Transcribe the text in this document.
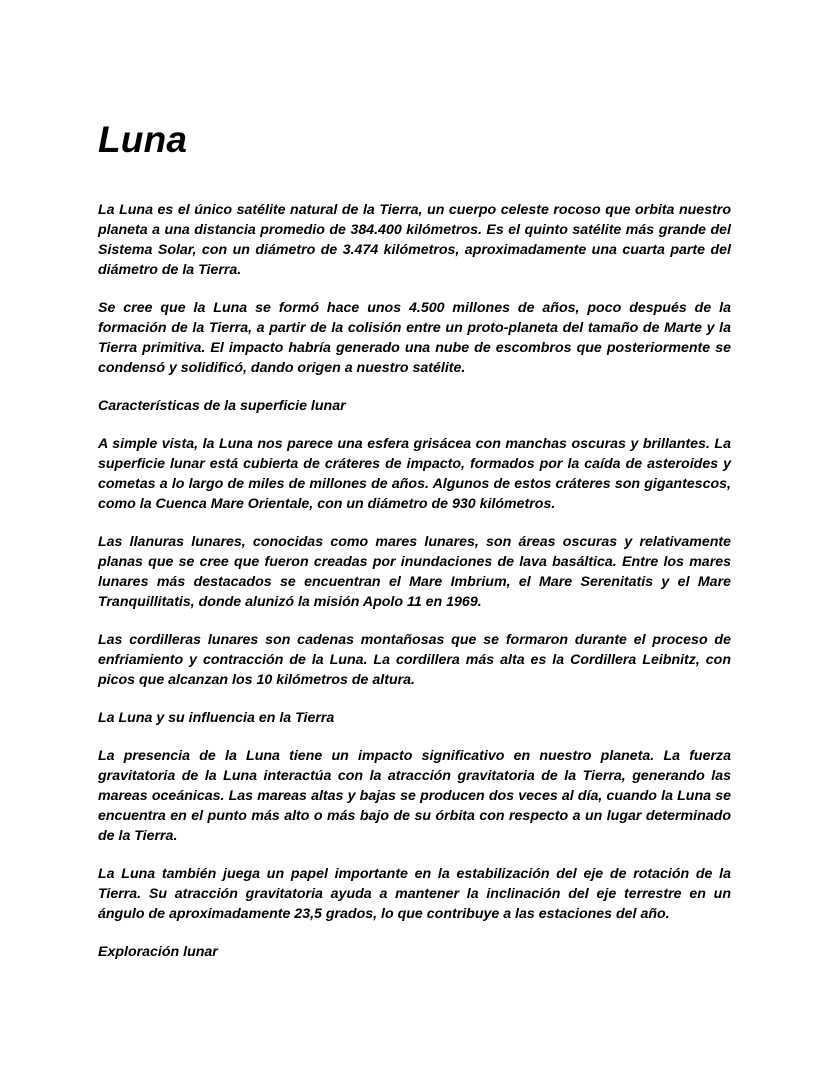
Luna

La Luna es el único satélite natural de la Tierra, un cuerpo celeste rocoso que orbita nuestro planeta a una distancia promedio de 384.400 kilómetros. Es el quinto satélite más grande del Sistema Solar, con un diámetro de 3.474 kilómetros, aproximadamente una cuarta parte del diámetro de la Tierra.

Se cree que la Luna se formó hace unos 4.500 millones de años, poco después de la formación de la Tierra, a partir de la colisión entre un proto-planeta del tamaño de Marte y la Tierra primitiva. El impacto habría generado una nube de escombros que posteriormente se condensó y solidificó, dando origen a nuestro satélite.

Características de la superficie lunar

A simple vista, la Luna nos parece una esfera grisácea con manchas oscuras y brillantes. La superficie lunar está cubierta de cráteres de impacto, formados por la caída de asteroides y cometas a lo largo de miles de millones de años. Algunos de estos cráteres son gigantescos, como la Cuenca Mare Orientale, con un diámetro de 930 kilómetros.

Las llanuras lunares, conocidas como mares lunares, son áreas oscuras y relativamente planas que se cree que fueron creadas por inundaciones de lava basáltica. Entre los mares lunares más destacados se encuentran el Mare Imbrium, el Mare Serenitatis y el Mare Tranquillitatis, donde alunizó la misión Apolo 11 en 1969.

Las cordilleras lunares son cadenas montañosas que se formaron durante el proceso de enfriamiento y contracción de la Luna. La cordillera más alta es la Cordillera Leibnitz, con picos que alcanzan los 10 kilómetros de altura.

La Luna y su influencia en la Tierra

La presencia de la Luna tiene un impacto significativo en nuestro planeta. La fuerza gravitatoria de la Luna interactúa con la atracción gravitatoria de la Tierra, generando las mareas oceánicas. Las mareas altas y bajas se producen dos veces al día, cuando la Luna se encuentra en el punto más alto o más bajo de su órbita con respecto a un lugar determinado de la Tierra.

La Luna también juega un papel importante en la estabilización del eje de rotación de la Tierra. Su atracción gravitatoria ayuda a mantener la inclinación del eje terrestre en un ángulo de aproximadamente 23,5 grados, lo que contribuye a las estaciones del año.

Exploración lunar
